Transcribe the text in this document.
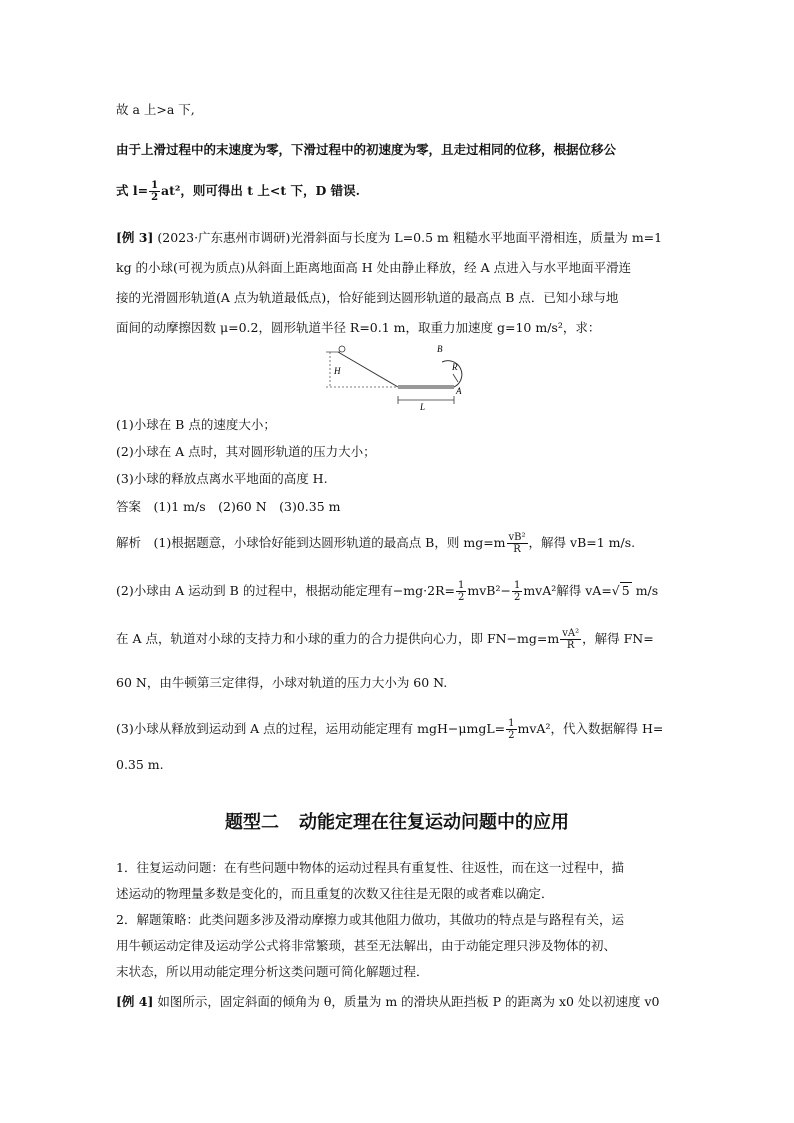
故 a 上>a 下,
由于上滑过程中的末速度为零，下滑过程中的初速度为零，且走过相同的位移，根据位移公
式 $l= \frac{1}{2} at^2$，则可得出 t 上<t 下，D 错误.
[例 3] (2023·广东惠州市调研)光滑斜面与长度为 L=0.5 m 粗糙水平地面平滑相连，质量为 m=1
kg 的小球(可视为质点)从斜面上距离地面高 H 处由静止释放，经 A 点进入与水平地面平滑连
接的光滑圆形轨道(A 点为轨道最低点)，恰好能到达圆形轨道的最高点 B 点．已知小球与地
面间的动摩擦因数 μ=0.2，圆形轨道半径 R=0.1 m，取重力加速度 g=10 m/s²，求：
H
L
A
B
R
(1)小球在 B 点的速度大小；
(2)小球在 A 点时，其对圆形轨道的压力大小；
(3)小球的释放点离水平地面的高度 H.
答案　(1)1 m/s　(2)60 N　(3)0.35 m
解析　(1)根据题意，小球恰好能到达圆形轨道的最高点 B，则 $mg=m \frac{\text{vB²}}{R}$ ，解得 vB=1 m/s.
(2)小球由 A 运动到 B 的过程中，根据动能定理有$-mg\cdot 2R= \frac{1}{2} mvB^2- \frac{1}{2} mvA^2$解得 vA=√ 5 m/s
在 A 点，轨道对小球的支持力和小球的重力的合力提供向心力，即 $FN-mg=m \frac{\text{vA²}}{R}$ ，解得 FN=
60 N，由牛顿第三定律得，小球对轨道的压力大小为 60 N.
(3)小球从释放到运动到 A 点的过程，运用动能定理有 $mgH-\mu mgL= \frac{1}{2} mvA^2$，代入数据解得 H=
0.35 m.
题型二 动能定理在往复运动问题中的应用
1．往复运动问题：在有些问题中物体的运动过程具有重复性、往返性，而在这一过程中，描
述运动的物理量多数是变化的，而且重复的次数又往往是无限的或者难以确定．
2．解题策略：此类问题多涉及滑动摩擦力或其他阻力做功，其做功的特点是与路程有关，运
用牛顿运动定律及运动学公式将非常繁琐，甚至无法解出，由于动能定理只涉及物体的初、
末状态，所以用动能定理分析这类问题可简化解题过程．
[例 4] 如图所示，固定斜面的倾角为 θ，质量为 m 的滑块从距挡板 P 的距离为 x0 处以初速度 v0
